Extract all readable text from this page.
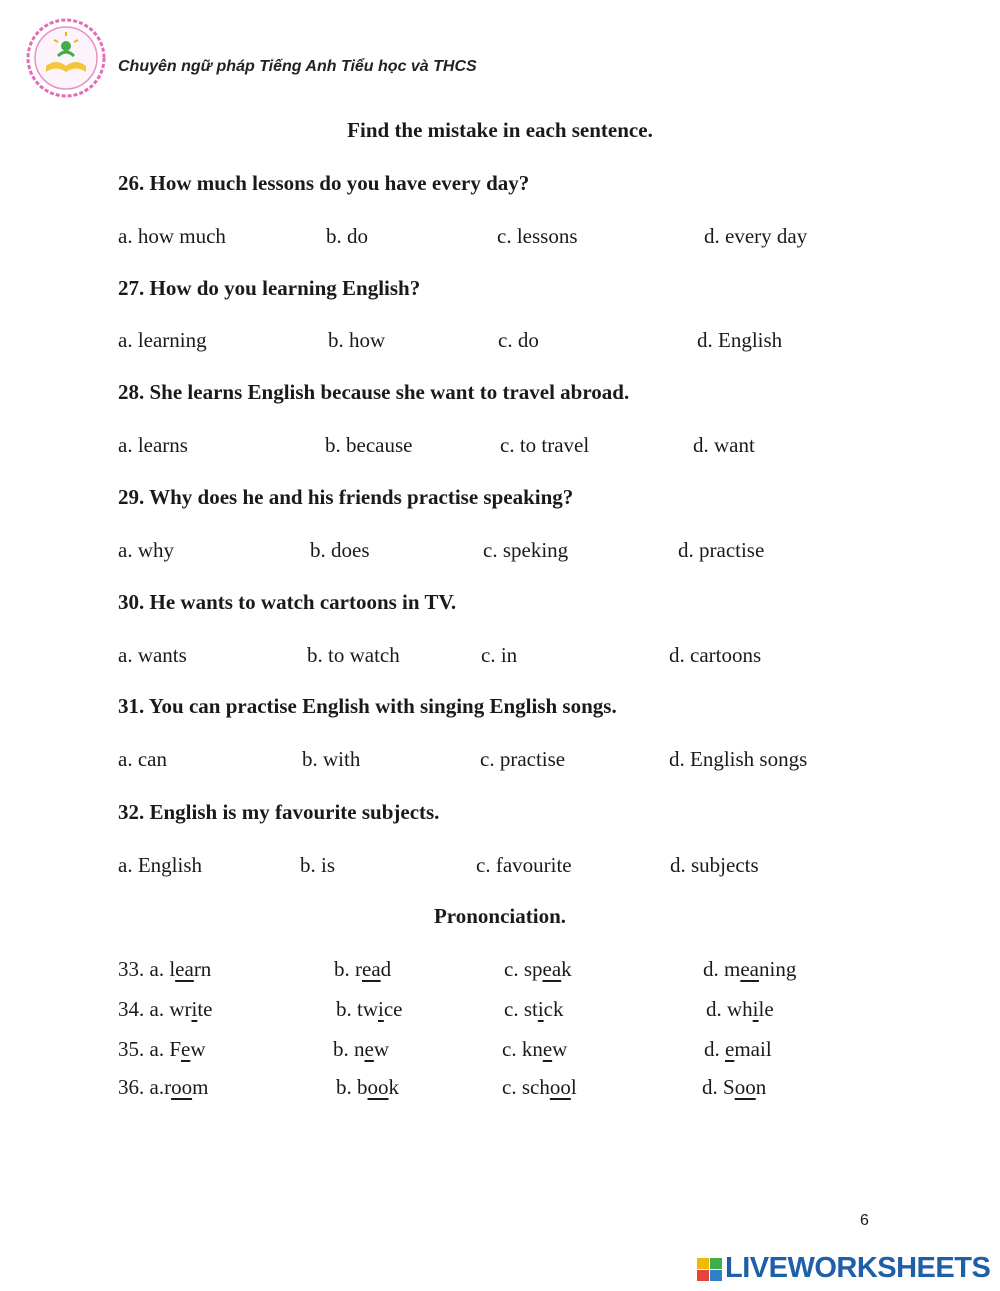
Chuyên ngữ pháp Tiếng Anh Tiểu học và THCS
Find the mistake in each sentence.
26. How much lessons do you have every day?
27. How do you learning English?
28. She learns English because she want to travel abroad.
29. Why does he and his friends practise speaking?
30. He wants to watch cartoons in TV.
31. You can practise English with singing English songs.
32. English is my favourite subjects.
a. how much	b. do	c. lessons	d. every day
a. learning	b. how	c. do	d. English
a. learns	b. because	c. to travel	d. want
a. why	b. does	c. speking	d. practise
a. wants	b. to watch	c. in	d. cartoons
a. can	b. with	c. practise	d. English songs
a. English	b. is	c. favourite	d. subjects
Prononciation.
33. a. learn	b. read	c. speak	d. meaning
34. a. write	b. twice	c. stick	d. while
35. a. Few	b. new	c. knew	d. email
36. a.room	b. book	c. school	d. Soon
6
LIVEWORKSHEETS
